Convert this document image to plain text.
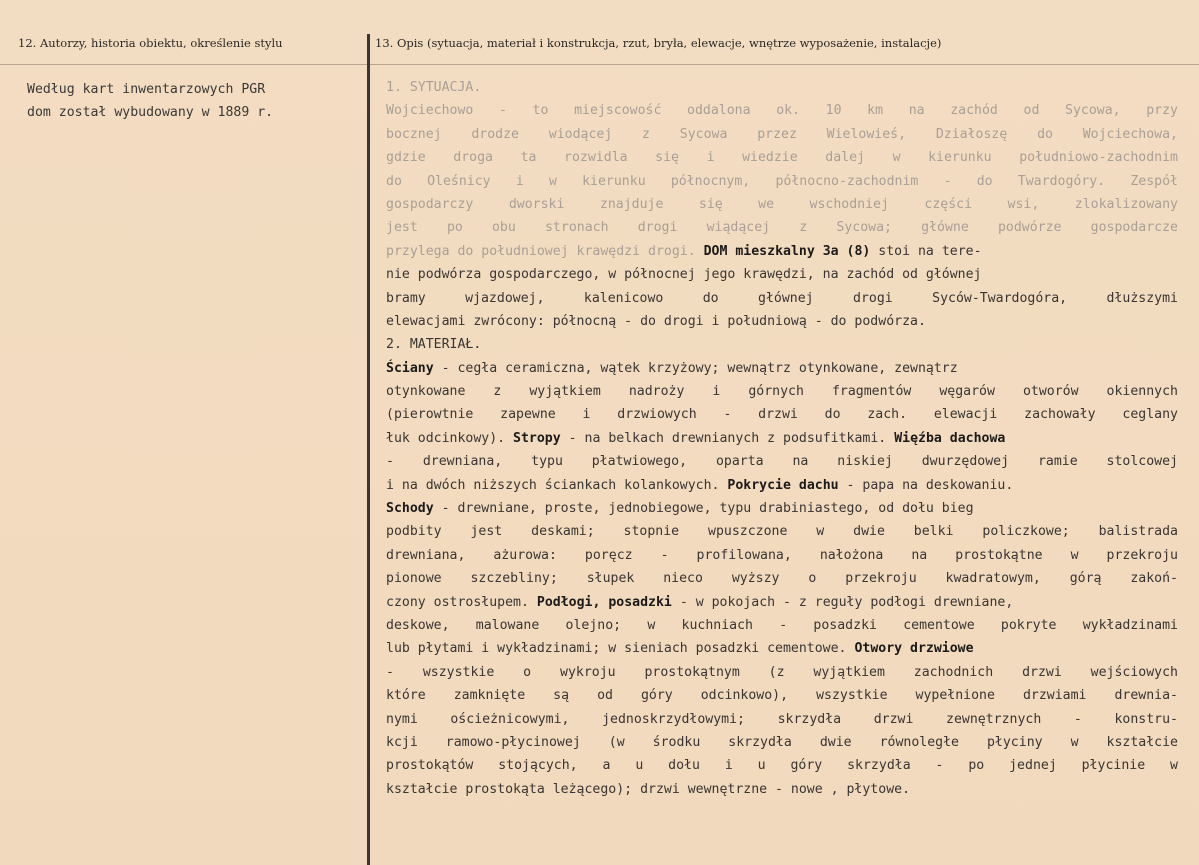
12. Autorzy, historia obiektu, określenie stylu	13. Opis (sytuacja, materiał i konstrukcja, rzut, bryła, elewacje, wnętrze wyposażenie, instalacje)
Według kart inwentarzowych PGR
dom został wybudowany w 1889 r.
1. SYTUACJA.
Wojciechowo - to miejscowość oddalona ok. 10 km na zachód od Sycowa, przy
bocznej drodze wiodącej z Sycowa przez Wielowieś, Działoszę do Wojciechowa,
gdzie droga ta rozwidla się i wiedzie dalej w kierunku południowo-zachodnim
do Oleśnicy i w kierunku północnym, północno-zachodnim - do Twardogóry. Zespół
gospodarczy dworski znajduje się we wschodniej części wsi, zlokalizowany
jest po obu stronach drogi wiądącej z Sycowa; główne podwórze gospodarcze
przylega do południowej krawędzi drogi. DOM mieszkalny 3a (8) stoi na tere-
nie podwórza gospodarczego, w północnej jego krawędzi, na zachód od głównej
bramy wjazdowej, kalenicowo do głównej drogi Syców-Twardogóra, dłuższymi
elewacjami zwrócony: północną - do drogi i południową - do podwórza.
2. MATERIAŁ.
Ściany - cegła ceramiczna, wątek krzyżowy; wewnątrz otynkowane, zewnątrz
otynkowane z wyjątkiem nadroży i górnych fragmentów węgarów otworów okiennych
(pierowtnie zapewne i drzwiowych - drzwi do zach. elewacji zachowały ceglany
łuk odcinkowy). Stropy - na belkach drewnianych z podsufitkami. Więźba dachowa
- drewniana, typu płatwiowego, oparta na niskiej dwurzędowej ramie stolcowej
i na dwóch niższych ściankach kolankowych. Pokrycie dachu - papa na deskowaniu.
Schody - drewniane, proste, jednobiegowe, typu drabiniastego, od dołu bieg
podbity jest deskami; stopnie wpuszczone w dwie belki policzkowe; balistrada
drewniana, ażurowa: poręcz - profilowana, nałożona na prostokątne w przekroju
pionowe szczebliny; słupek nieco wyższy o przekroju kwadratowym, górą zakoń-
czony ostrosłupem. Podłogi, posadzki - w pokojach - z reguły podłogi drewniane,
deskowe, malowane olejno; w kuchniach - posadzki cementowe pokryte wykładzinami
lub płytami i wykładzinami; w sieniach posadzki cementowe. Otwory drzwiowe
- wszystkie o wykroju prostokątnym (z wyjątkiem zachodnich drzwi wejściowych
które zamknięte są od góry odcinkowo), wszystkie wypełnione drzwiami drewnia-
nymi ościeżnicowymi, jednoskrzydłowymi; skrzydła drzwi zewnętrznych - konstru-
kcji ramowo-płycinowej (w środku skrzydła dwie równoległe płyciny w kształcie
prostokątów stojących, a u dołu i u góry skrzydła - po jednej płycinie w
kształcie prostokąta leżącego); drzwi wewnętrzne - nowe , płytowe.
